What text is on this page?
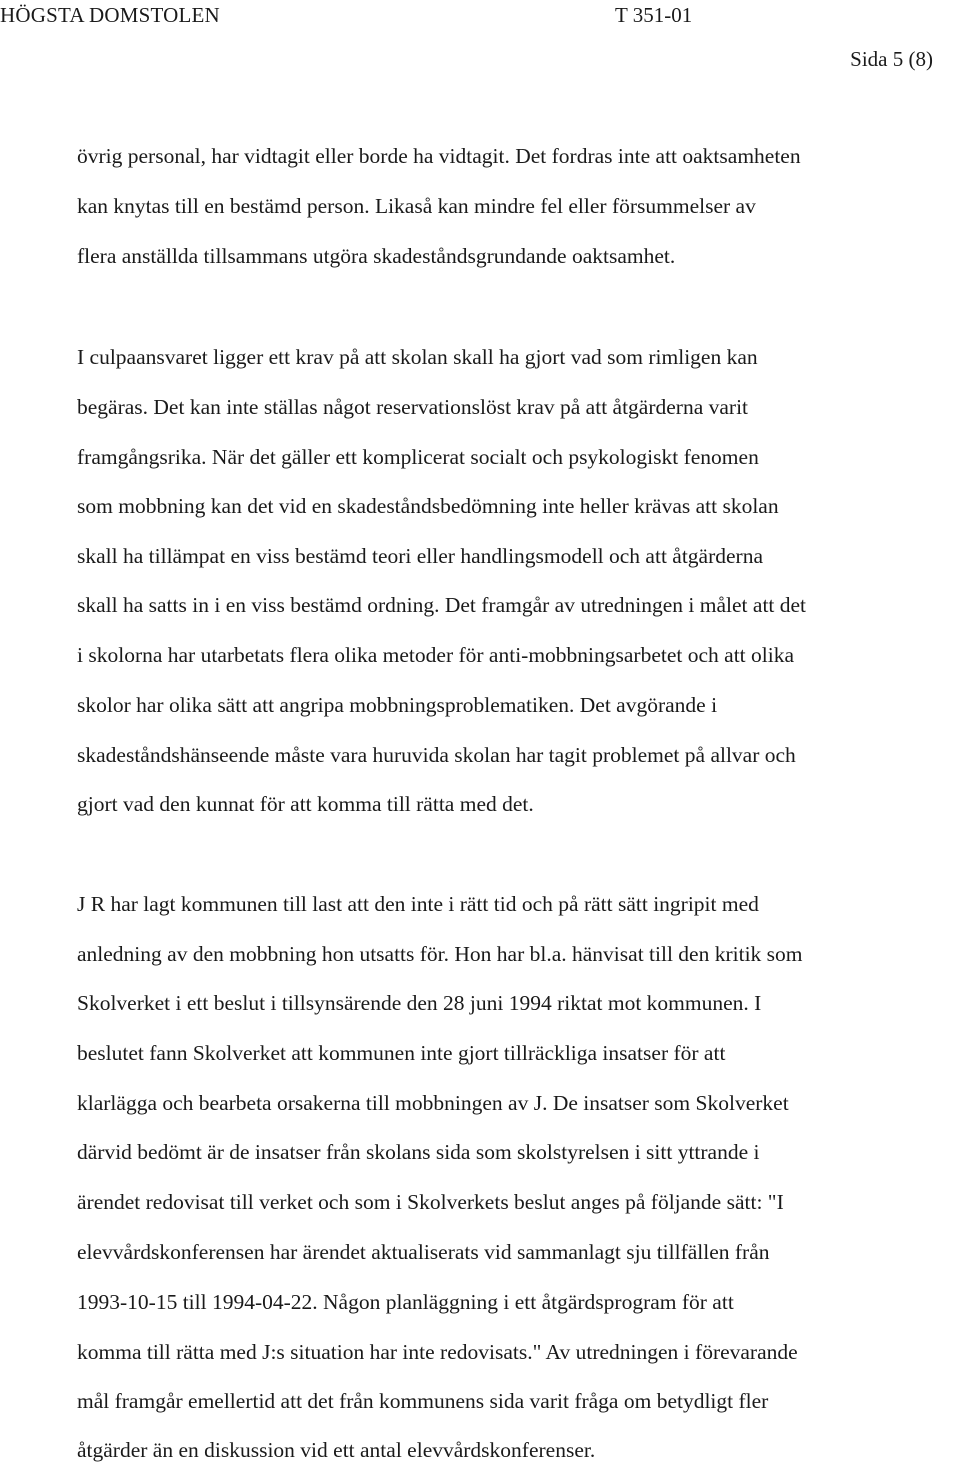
HÖGSTA DOMSTOLEN	T 351-01
Sida 5 (8)
övrig personal, har vidtagit eller borde ha vidtagit. Det fordras inte att oaktsamheten
kan knytas till en bestämd person. Likaså kan mindre fel eller försummelser av
flera anställda tillsammans utgöra skadeståndsgrundande oaktsamhet.
I culpaansvaret ligger ett krav på att skolan skall ha gjort vad som rimligen kan
begäras. Det kan inte ställas något reservationslöst krav på att åtgärderna varit
framgångsrika. När det gäller ett komplicerat socialt och psykologiskt fenomen
som mobbning kan det vid en skadeståndsbedömning inte heller krävas att skolan
skall ha tillämpat en viss bestämd teori eller handlingsmodell och att åtgärderna
skall ha satts in i en viss bestämd ordning. Det framgår av utredningen i målet att det
i skolorna har utarbetats flera olika metoder för anti-mobbningsarbetet och att olika
skolor har olika sätt att angripa mobbningsproblematiken. Det avgörande i
skadeståndshänseende måste vara huruvida skolan har tagit problemet på allvar och
gjort vad den kunnat för att komma till rätta med det.
J R har lagt kommunen till last att den inte i rätt tid och på rätt sätt ingripit med
anledning av den mobbning hon utsatts för. Hon har bl.a. hänvisat till den kritik som
Skolverket i ett beslut i tillsynsärende den 28 juni 1994 riktat mot kommunen. I
beslutet fann Skolverket att kommunen inte gjort tillräckliga insatser för att
klarlägga och bearbeta orsakerna till mobbningen av J. De insatser som Skolverket
därvid bedömt är de insatser från skolans sida som skolstyrelsen i sitt yttrande i
ärendet redovisat till verket och som i Skolverkets beslut anges på följande sätt: "I
elevvårdskonferensen har ärendet aktualiserats vid sammanlagt sju tillfällen från
1993-10-15 till 1994-04-22. Någon planläggning i ett åtgärdsprogram för att
komma till rätta med J:s situation har inte redovisats." Av utredningen i förevarande
mål framgår emellertid att det från kommunens sida varit fråga om betydligt fler
åtgärder än en diskussion vid ett antal elevvårdskonferenser.
